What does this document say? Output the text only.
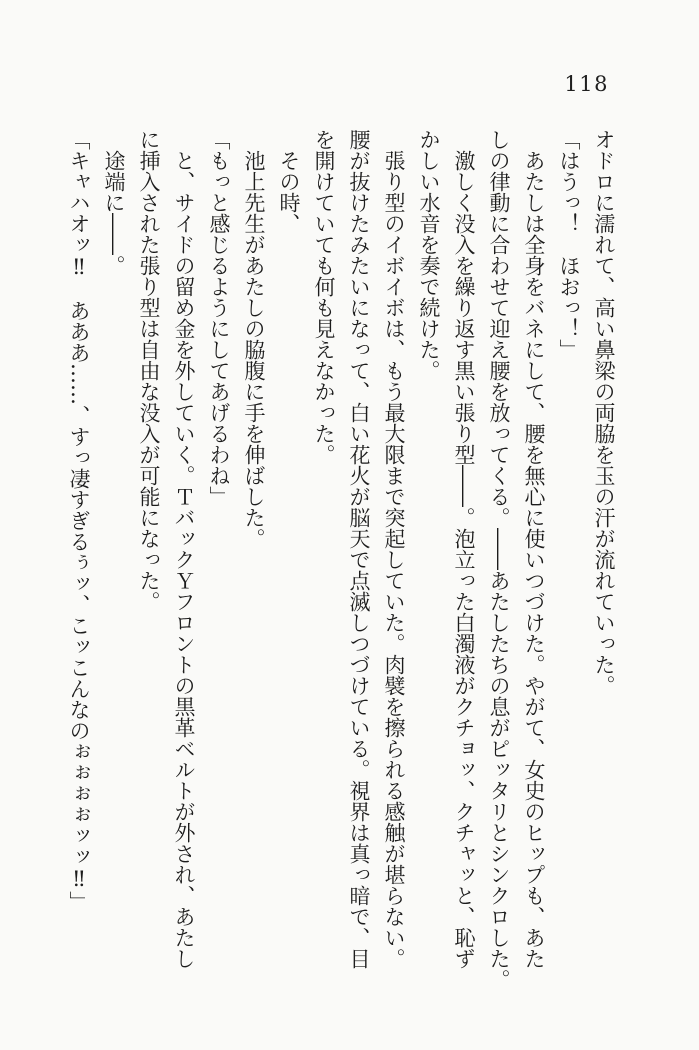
118
オドロに濡れて、高い鼻梁の両脇を玉の汗が流れていった。
「はうっ！　ほおっ！」
　あたしは全身をバネにして、腰を無心に使いつづけた。やがて、女史のヒップも、あた
しの律動に合わせて迎え腰を放ってくる。――あたしたちの息がピッタリとシンクロした。
　激しく没入を繰り返す黒い張り型――。泡立った白濁液がクチョッ、クチャッと、恥ず
かしい水音を奏で続けた。
　張り型のイボイボは、もう最大限まで突起していた。肉襞を擦られる感触が堪らない。
腰が抜けたみたいになって、白い花火が脳天で点滅しつづけている。視界は真っ暗で、目
を開けていても何も見えなかった。
　その時、
　池上先生があたしの脇腹に手を伸ばした。
「もっと感じるようにしてあげるわね」
　と、サイドの留め金を外していく。ＴバックＹフロントの黒革ベルトが外され、あたし
に挿入された張り型は自由な没入が可能になった。
　途端に――。
「キャハオッ‼　あああ……、すっ凄すぎるぅッ、こッこんなのぉぉぉぉッッ‼」
